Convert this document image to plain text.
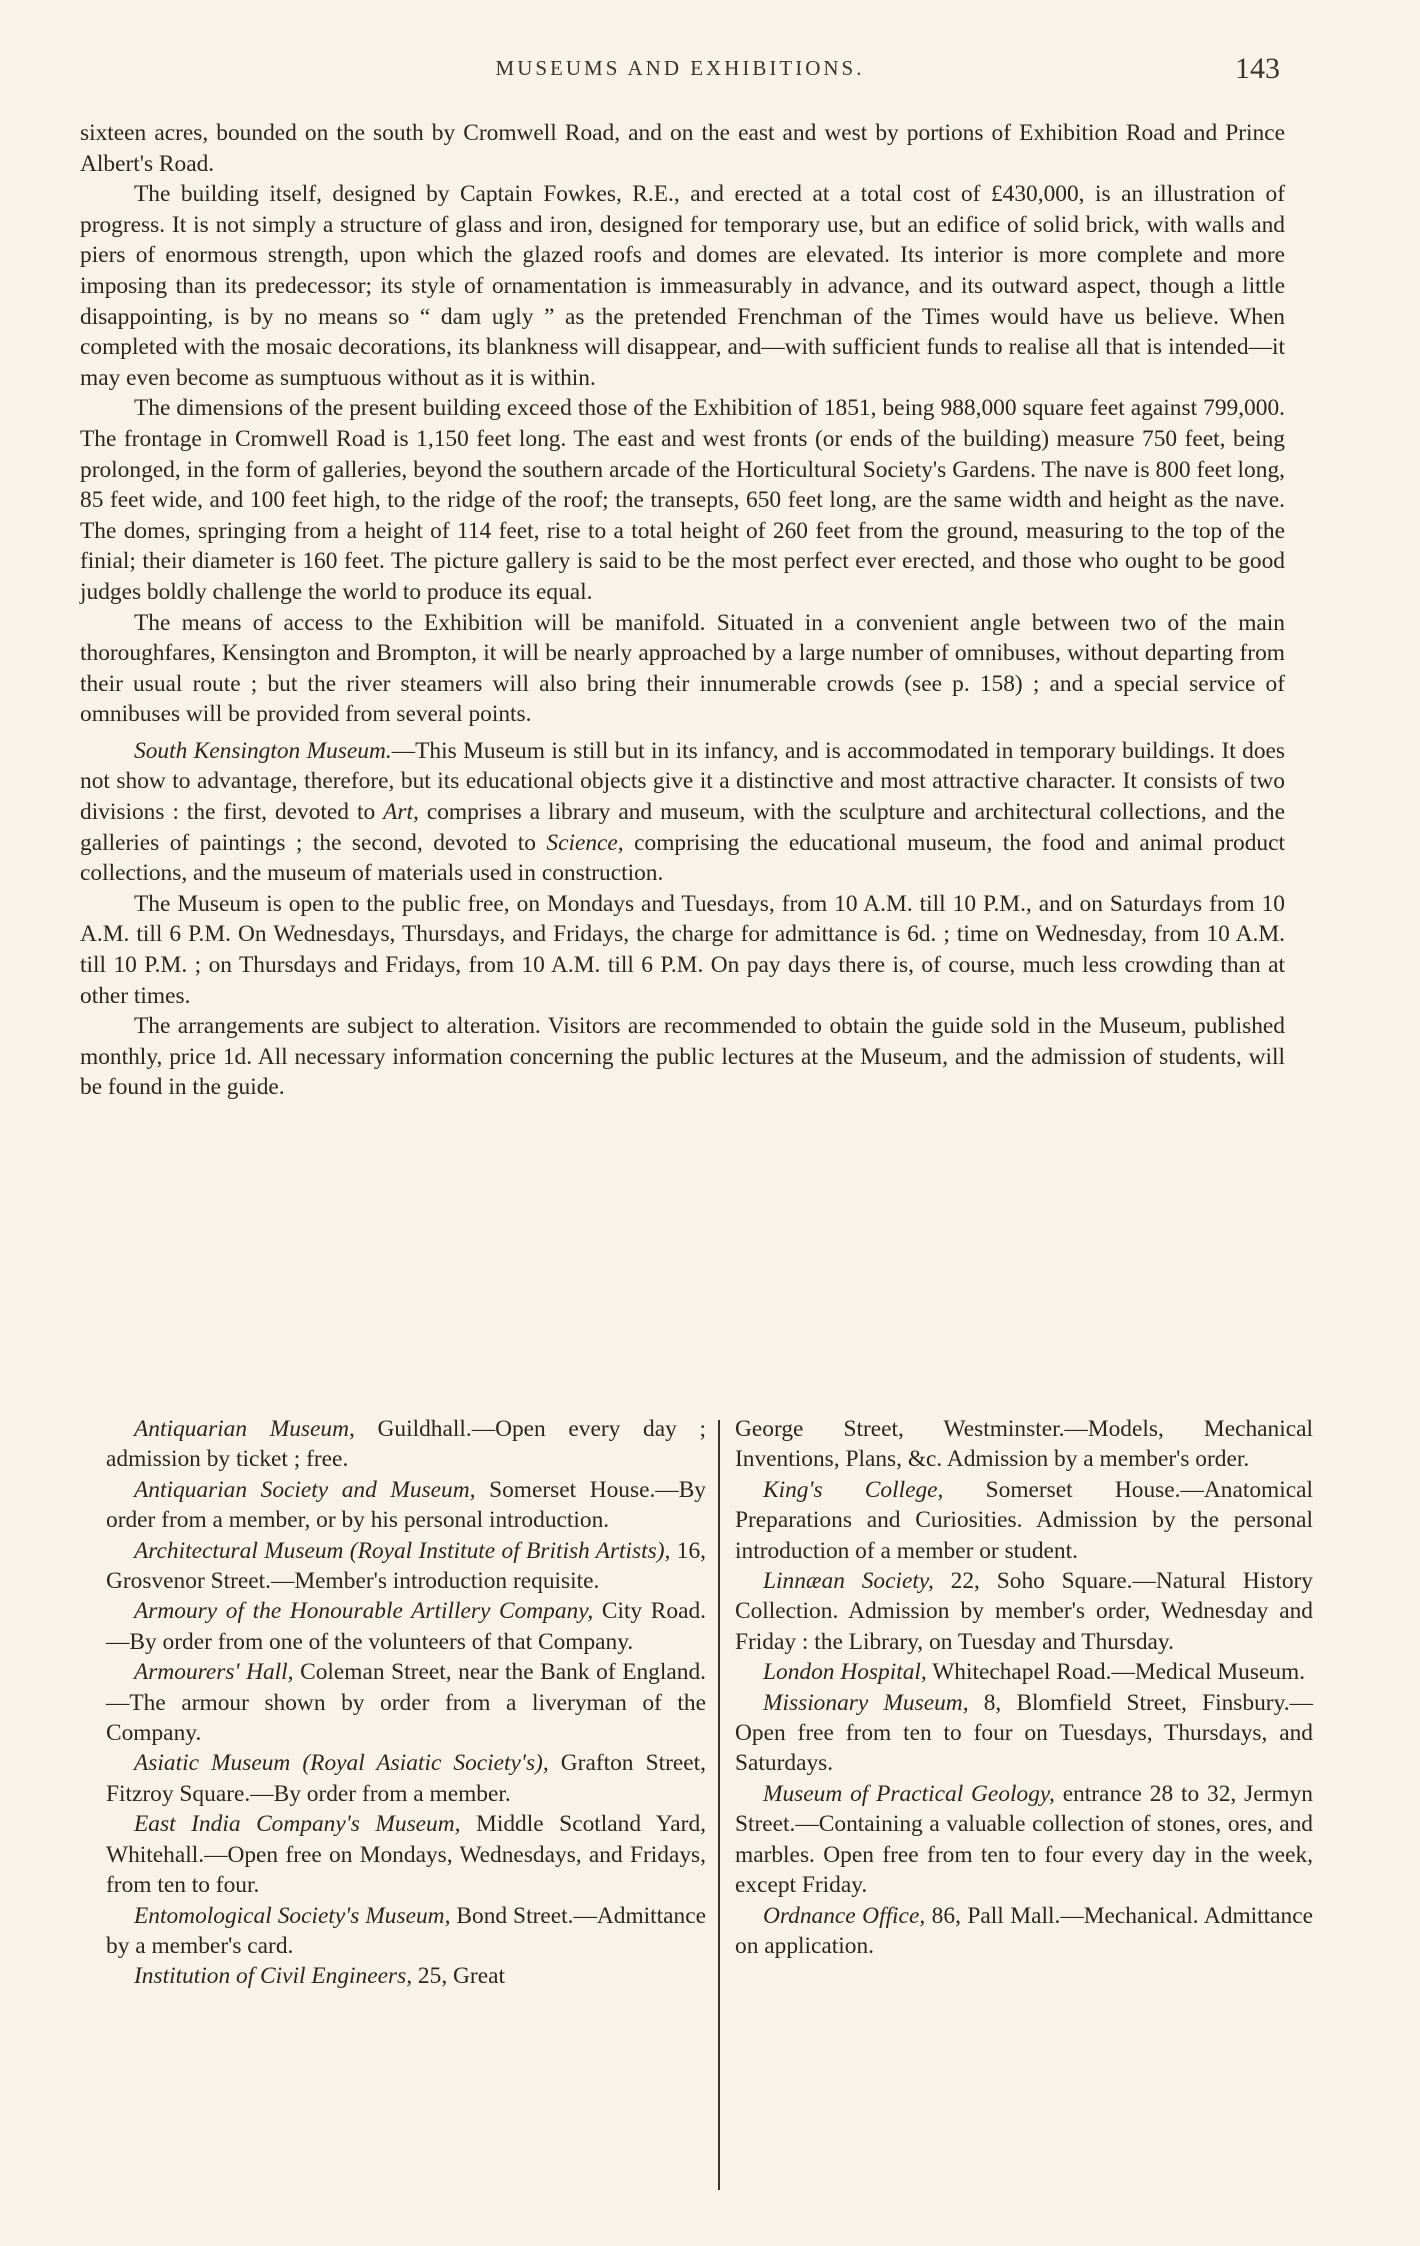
MUSEUMS AND EXHIBITIONS.	143

sixteen acres, bounded on the south by Cromwell Road, and on the east and west by portions of Exhibition Road and Prince Albert's Road.

The building itself, designed by Captain Fowkes, R.E., and erected at a total cost of £430,000, is an illustration of progress. It is not simply a structure of glass and iron, designed for temporary use, but an edifice of solid brick, with walls and piers of enormous strength, upon which the glazed roofs and domes are elevated. Its interior is more complete and more imposing than its predecessor; its style of ornamentation is immeasurably in advance, and its outward aspect, though a little disappointing, is by no means so “ dam ugly ” as the pretended Frenchman of the Times would have us believe. When completed with the mosaic decorations, its blankness will disappear, and—with sufficient funds to realise all that is intended—it may even become as sumptuous without as it is within.

The dimensions of the present building exceed those of the Exhibition of 1851, being 988,000 square feet against 799,000. The frontage in Cromwell Road is 1,150 feet long. The east and west fronts (or ends of the building) measure 750 feet, being prolonged, in the form of galleries, beyond the southern arcade of the Horticultural Society's Gardens. The nave is 800 feet long, 85 feet wide, and 100 feet high, to the ridge of the roof; the transepts, 650 feet long, are the same width and height as the nave. The domes, springing from a height of 114 feet, rise to a total height of 260 feet from the ground, measuring to the top of the finial; their diameter is 160 feet. The picture gallery is said to be the most perfect ever erected, and those who ought to be good judges boldly challenge the world to produce its equal.

The means of access to the Exhibition will be manifold. Situated in a convenient angle between two of the main thoroughfares, Kensington and Brompton, it will be nearly approached by a large number of omnibuses, without departing from their usual route ; but the river steamers will also bring their innumerable crowds (see p. 158) ; and a special service of omnibuses will be provided from several points.

South Kensington Museum.—This Museum is still but in its infancy, and is accommodated in temporary buildings. It does not show to advantage, therefore, but its educational objects give it a distinctive and most attractive character. It consists of two divisions : the first, devoted to Art, comprises a library and museum, with the sculpture and architectural collections, and the galleries of paintings ; the second, devoted to Science, comprising the educational museum, the food and animal product collections, and the museum of materials used in construction.

The Museum is open to the public free, on Mondays and Tuesdays, from 10 A.M. till 10 P.M., and on Saturdays from 10 A.M. till 6 P.M. On Wednesdays, Thursdays, and Fridays, the charge for admittance is 6d. ; time on Wednesday, from 10 A.M. till 10 P.M. ; on Thursdays and Fridays, from 10 A.M. till 6 P.M. On pay days there is, of course, much less crowding than at other times.

The arrangements are subject to alteration. Visitors are recommended to obtain the guide sold in the Museum, published monthly, price 1d. All necessary information concerning the public lectures at the Museum, and the admission of students, will be found in the guide.

Antiquarian Museum, Guildhall.—Open every day ; admission by ticket ; free.

Antiquarian Society and Museum, Somerset House.—By order from a member, or by his personal introduction.

Architectural Museum (Royal Institute of British Artists), 16, Grosvenor Street.—Member's introduction requisite.

Armoury of the Honourable Artillery Company, City Road.—By order from one of the volunteers of that Company.

Armourers' Hall, Coleman Street, near the Bank of England.—The armour shown by order from a liveryman of the Company.

Asiatic Museum (Royal Asiatic Society's), Grafton Street, Fitzroy Square.—By order from a member.

East India Company's Museum, Middle Scotland Yard, Whitehall.—Open free on Mondays, Wednesdays, and Fridays, from ten to four.

Entomological Society's Museum, Bond Street.—Admittance by a member's card.

Institution of Civil Engineers, 25, Great

George Street, Westminster.—Models, Mechanical Inventions, Plans, &c. Admission by a member's order.

King's College, Somerset House.—Anatomical Preparations and Curiosities. Admission by the personal introduction of a member or student.

Linnæan Society, 22, Soho Square.—Natural History Collection. Admission by member's order, Wednesday and Friday : the Library, on Tuesday and Thursday.

London Hospital, Whitechapel Road.—Medical Museum.

Missionary Museum, 8, Blomfield Street, Finsbury.—Open free from ten to four on Tuesdays, Thursdays, and Saturdays.

Museum of Practical Geology, entrance 28 to 32, Jermyn Street.—Containing a valuable collection of stones, ores, and marbles. Open free from ten to four every day in the week, except Friday.

Ordnance Office, 86, Pall Mall.—Mechanical. Admittance on application.
